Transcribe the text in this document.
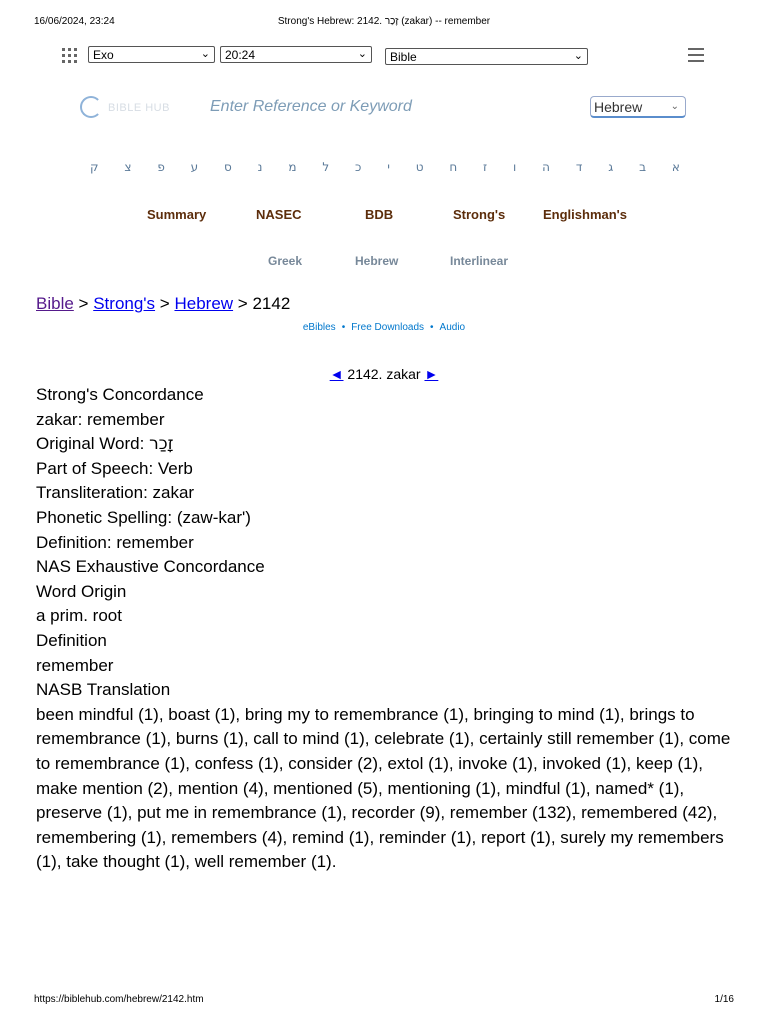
16/06/2024, 23:24	Strong's Hebrew: 2142. זָכַר (zakar) -- remember
Exo	⌄ 20:24	⌄ Bible	⌄
BIBLE HUB	Enter Reference or Keyword	Hebrew	⌄
א
ב
ג
ד
ה
ו
ז
ח
ט
י
כ
ל
מ
נ
ס
ע
פ
צ
ק
Summary	NASEC	BDB	Strong's	Englishman's
Greek	Hebrew	Interlinear
Bible > Strong's > Hebrew > 2142
eBibles • Free Downloads • Audio
◄ 2142. zakar ►
Strong's Concordance
zakar: remember
Original Word: זָכַר
Part of Speech: Verb
Transliteration: zakar
Phonetic Spelling: (zaw-kar')
Definition: remember
NAS Exhaustive Concordance
Word Origin
a prim. root
Definition
remember
NASB Translation
been mindful (1), boast (1), bring my to remembrance (1), bringing to mind (1), brings to remembrance (1), burns (1), call to mind (1), celebrate (1), certainly still remember (1), come to remembrance (1), confess (1), consider (2), extol (1), invoke (1), invoked (1), keep (1), make mention (2), mention (4), mentioned (5), mentioning (1), mindful (1), named* (1), preserve (1), put me in remembrance (1), recorder (9), remember (132), remembered (42), remembering (1), remembers (4), remind (1), reminder (1), report (1), surely my remembers (1), take thought (1), well remember (1).
https://biblehub.com/hebrew/2142.htm	1/16
